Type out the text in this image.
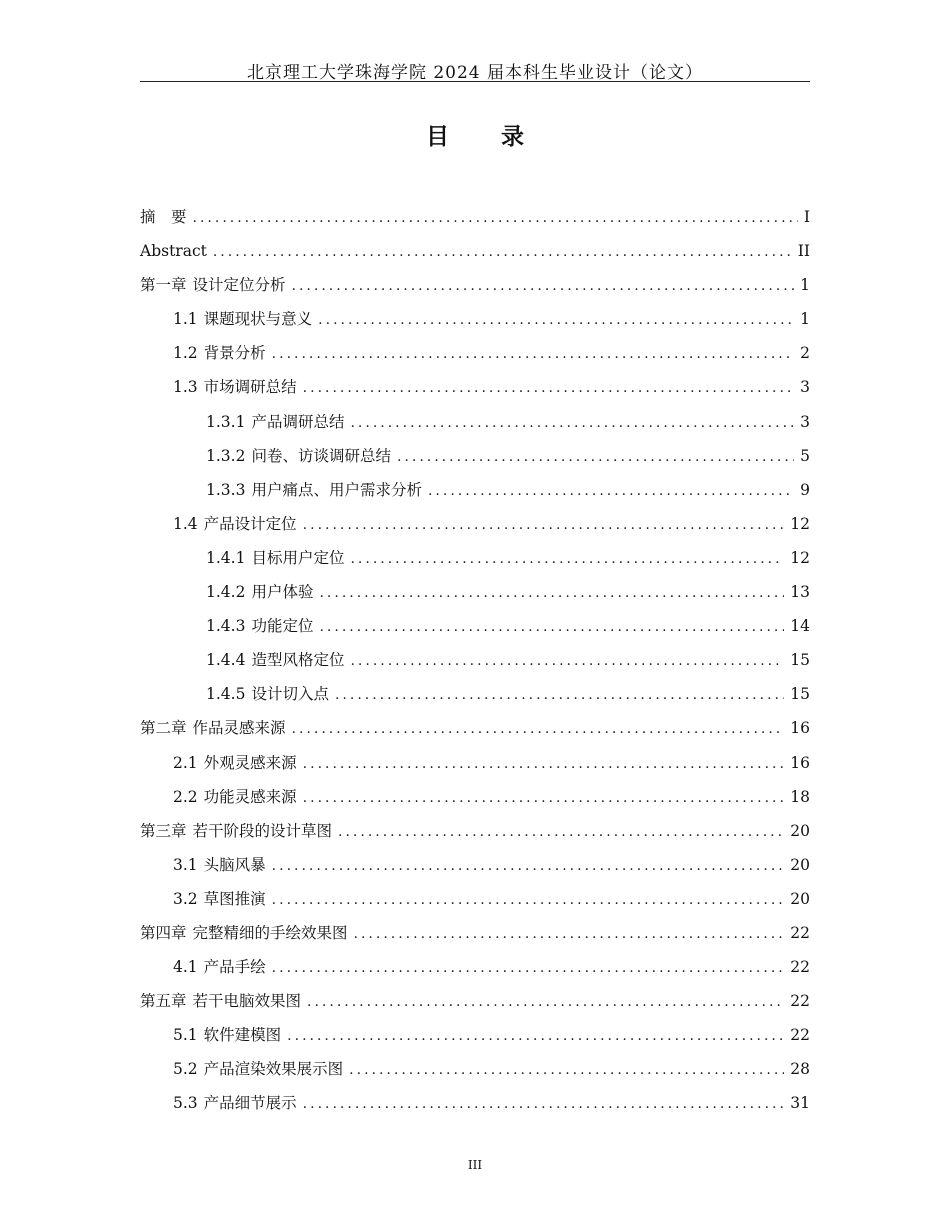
北京理工大学珠海学院 2024 届本科生毕业设计（论文）
目 录
摘　要 .....	I
Abstract .....	II
第一章 设计定位分析 .....	1
1.1 课题现状与意义 .....	1
1.2 背景分析 .....	2
1.3 市场调研总结 .....	3
1.3.1 产品调研总结 .....	3
1.3.2 问卷、访谈调研总结 .....	5
1.3.3 用户痛点、用户需求分析 .....	9
1.4 产品设计定位 .....	12
1.4.1 目标用户定位 .....	12
1.4.2 用户体验 .....	13
1.4.3 功能定位 .....	14
1.4.4 造型风格定位 .....	15
1.4.5 设计切入点 .....	15
第二章 作品灵感来源 .....	16
2.1 外观灵感来源 .....	16
2.2 功能灵感来源 .....	18
第三章 若干阶段的设计草图 .....	20
3.1 头脑风暴 .....	20
3.2 草图推演 .....	20
第四章 完整精细的手绘效果图 .....	22
4.1 产品手绘 .....	22
第五章 若干电脑效果图 .....	22
5.1 软件建模图 .....	22
5.2 产品渲染效果展示图 .....	28
5.3 产品细节展示 .....	31
III
